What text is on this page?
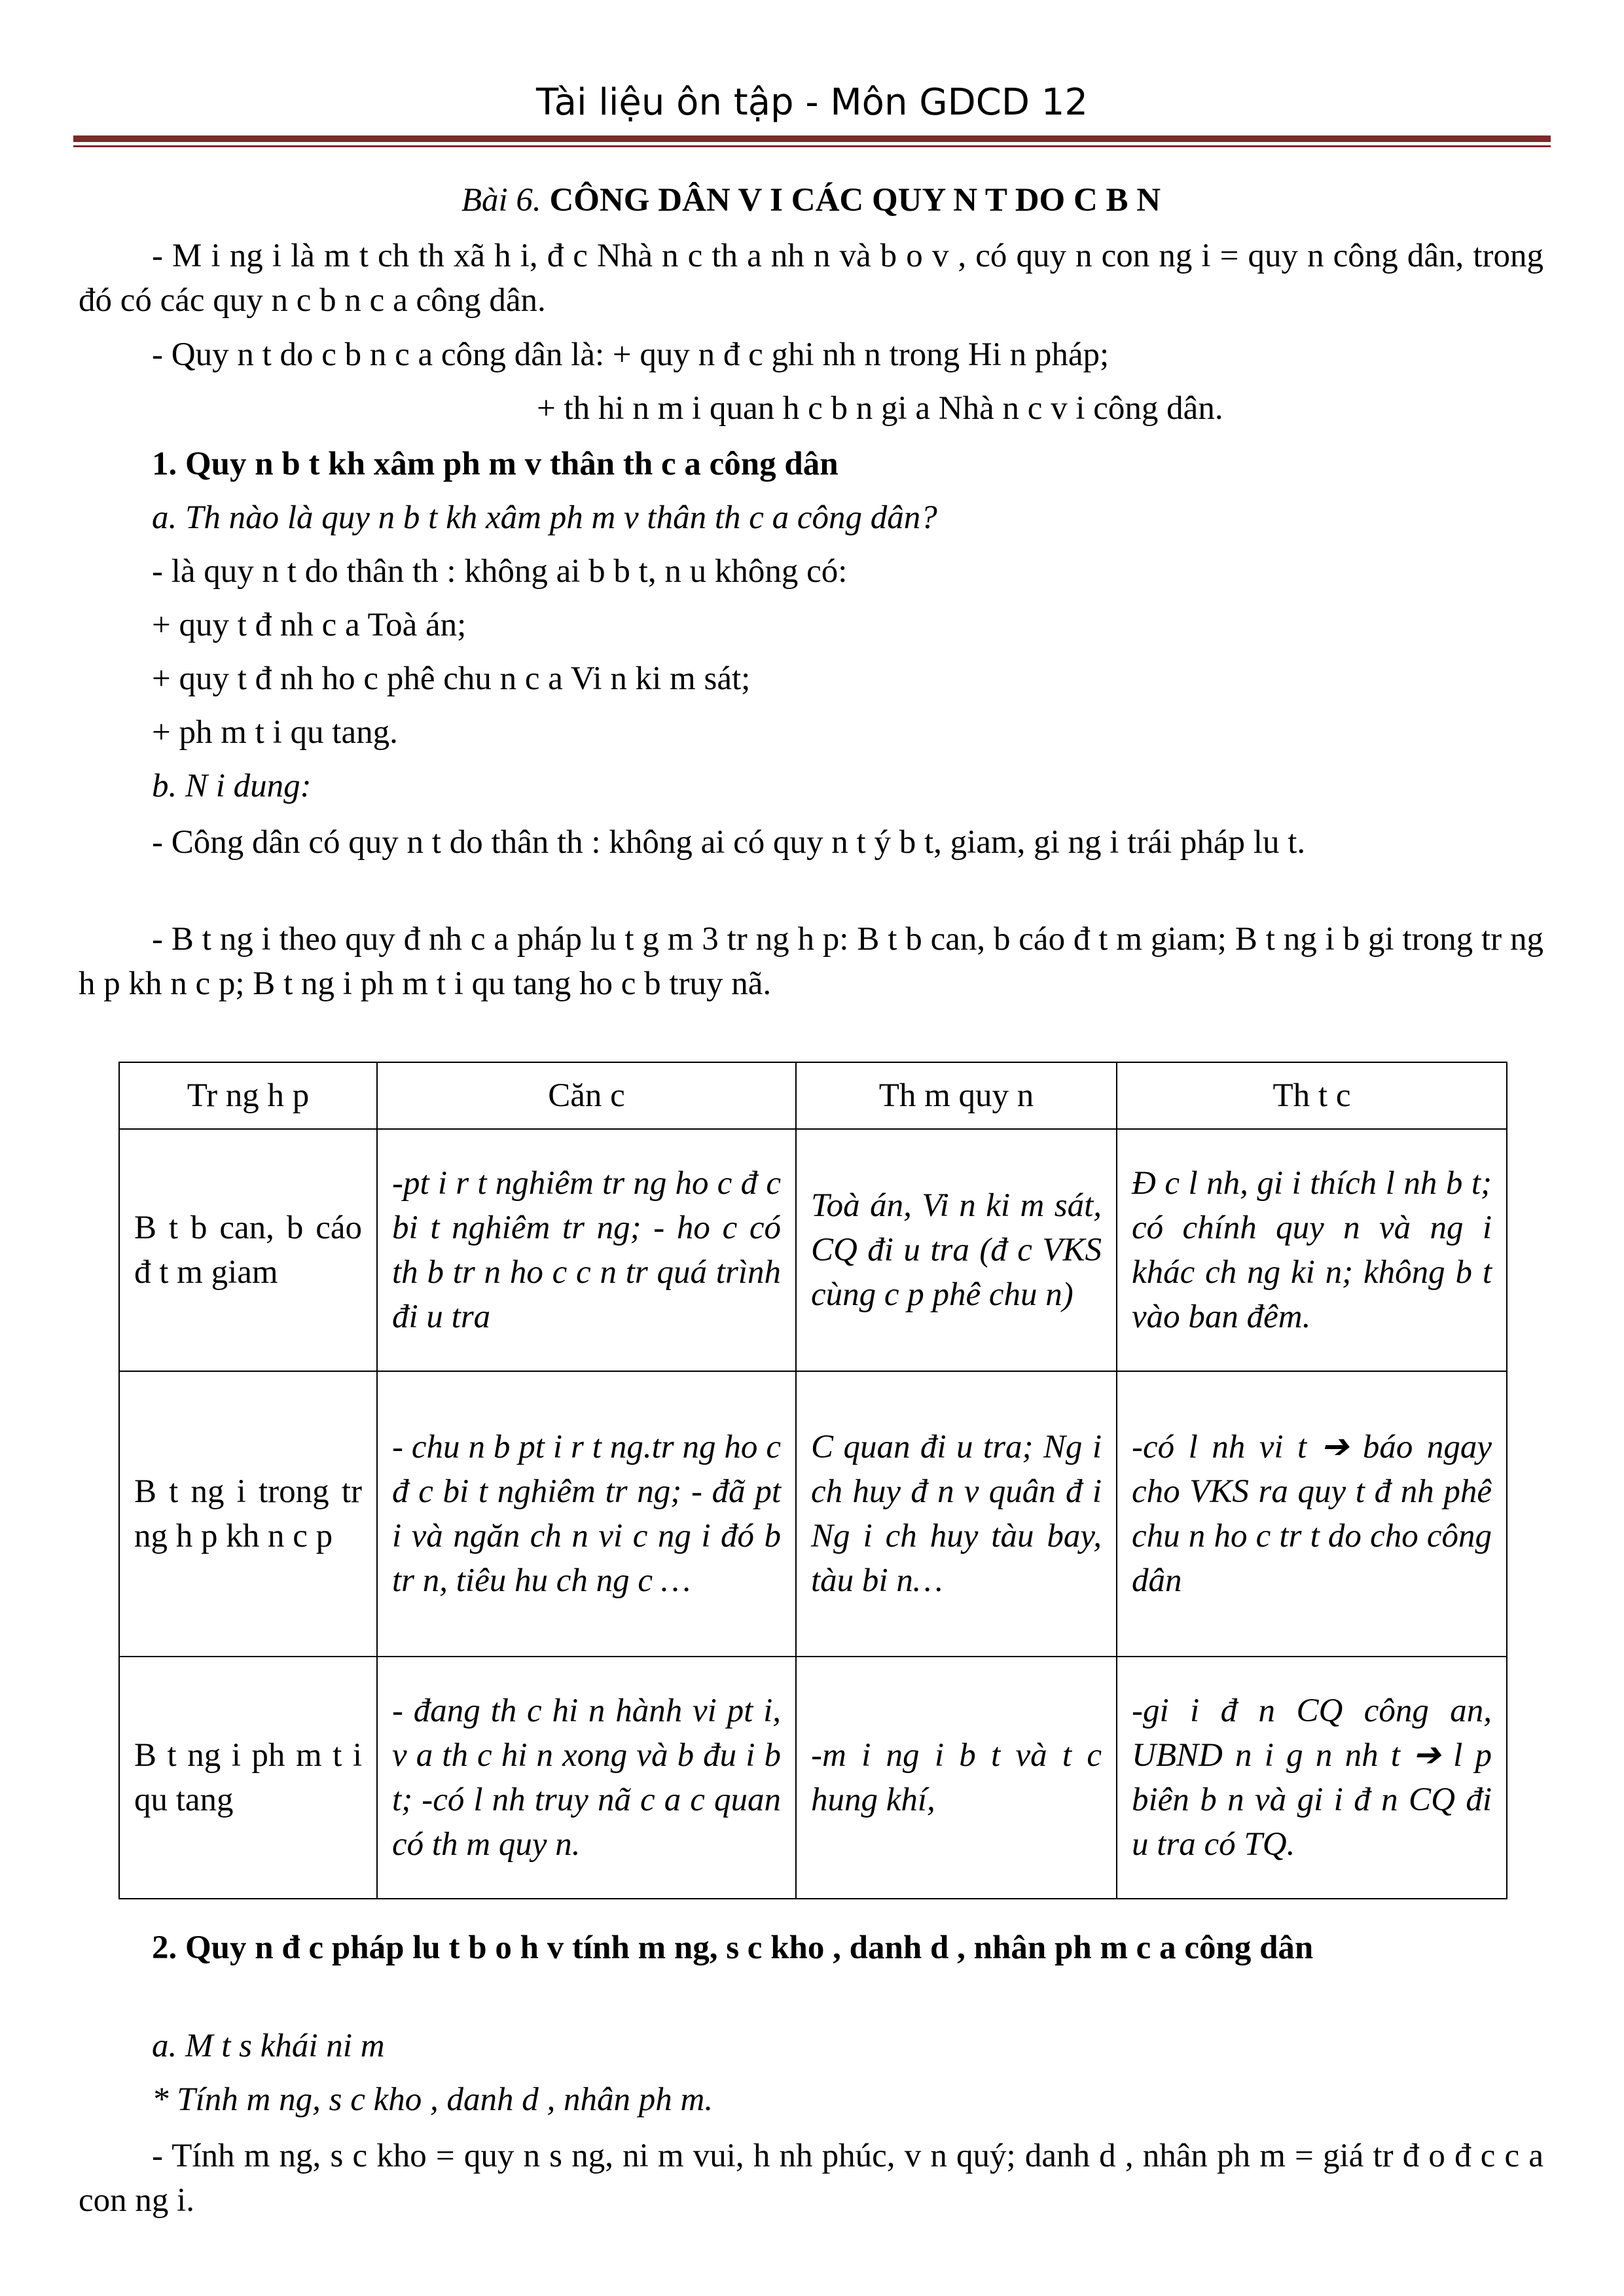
Tài liệu ôn tập - Môn GDCD 12
Bài 6. CÔNG DÂN V I CÁC QUY N T DO C B N
- M i ng i là m t ch th xã h i, đ c Nhà n c th a nh n và b o v , có quy n con ng i = quy n công dân, trong đó có các quy n c b n c a công dân.
- Quy n t do c b n c a công dân là: + quy n đ c ghi nh n trong Hi n pháp;
+ th hi n m i quan h c b n gi a Nhà n c v i công dân.
1. Quy n b t kh xâm ph m v thân th c a công dân
a. Th nào là quy n b t kh xâm ph m v thân th c a công dân?
- là quy n t do thân th : không ai b b t, n u không có:
+ quy t đ nh c a Toà án;
+ quy t đ nh ho c phê chu n c a Vi n ki m sát;
+ ph m t i qu tang.
b. N i dung:
- Công dân có quy n t do thân th : không ai có quy n t ý b t, giam, gi ng i trái pháp lu t.
- B t ng i theo quy đ nh c a pháp lu t g m 3 tr ng h p: B t b can, b cáo đ t m giam; B t ng i b gi trong tr ng h p kh n c p; B t ng i ph m t i qu tang ho c b truy nã.
Tr ng h p	Căn c	Th m quy n	Th t c
B t b can, b cáo đ t m giam	-pt i r t nghiêm tr ng ho c đ c bi t nghiêm tr ng; - ho c có th b tr n ho c c n tr quá trình đi u tra	Toà án, Vi n ki m sát, CQ đi u tra (đ c VKS cùng c p phê chu n)	Đ c l nh, gi i thích l nh b t; có chính quy n và ng i khác ch ng ki n; không b t vào ban đêm.
B t ng i trong tr ng h p kh n c p	- chu n b pt i r t ng.tr ng ho c đ c bi t nghiêm tr ng; - đã pt i và ngăn ch n vi c ng i đó b tr n, tiêu hu ch ng c …	C quan đi u tra; Ng i ch huy đ n v quân đ i Ng i ch huy tàu bay, tàu bi n…	-có l nh vi t ➔ báo ngay cho VKS ra quy t đ nh phê chu n ho c tr t do cho công dân
B t ng i ph m t i qu tang	- đang th c hi n hành vi pt i, v a th c hi n xong và b đu i b t; -có l nh truy nã c a c quan có th m quy n.	-m i ng i b t và t c hung khí,	-gi i đ n CQ công an, UBND n i g n nh t ➔ l p biên b n và gi i đ n CQ đi u tra có TQ.
2. Quy n đ c pháp lu t b o h v tính m ng, s c kho , danh d , nhân ph m c a công dân
a. M t s khái ni m
* Tính m ng, s c kho , danh d , nhân ph m.
- Tính m ng, s c kho = quy n s ng, ni m vui, h nh phúc, v n quý; danh d , nhân ph m = giá tr đ o đ c c a con ng i.
